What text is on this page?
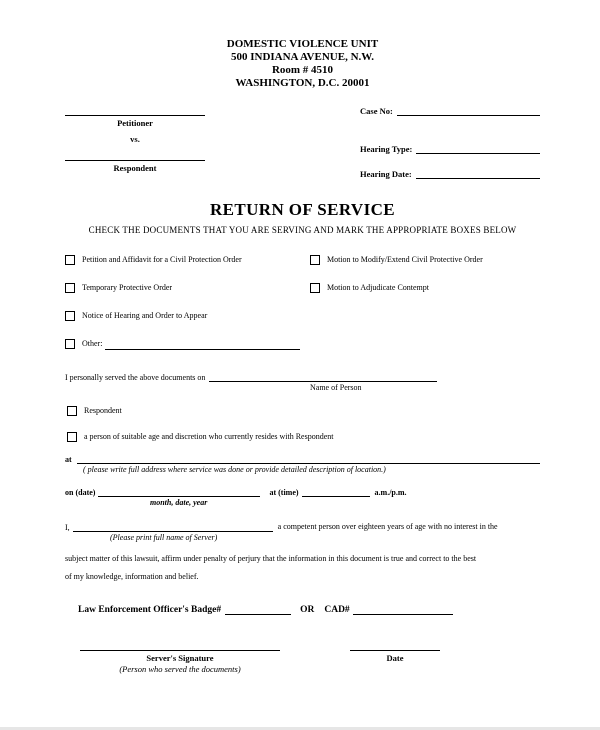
DOMESTIC VIOLENCE UNIT
500 INDIANA AVENUE, N.W.
Room # 4510
WASHINGTON, D.C. 20001
Petitioner
vs.
Respondent
Case No:
Hearing Type:
Hearing Date:
RETURN OF SERVICE
CHECK THE DOCUMENTS THAT YOU ARE SERVING AND MARK THE APPROPRIATE BOXES BELOW
Petition and Affidavit for a Civil Protection Order	Motion to Modify/Extend Civil Protective Order
Temporary Protective Order	Motion to Adjudicate Contempt
Notice of Hearing and Order to Appear
Other:
I personally served the above documents on
Name of Person
Respondent
a person of suitable age and discretion who currently resides with Respondent
at
( please write full address where service was done or provide detailed description of location.)
on (date)	at (time)	a.m./p.m.
month, date, year
I,	a competent person over eighteen years of age with no interest in the
(Please print full name of Server)
subject matter of this lawsuit, affirm under penalty of perjury that the information in this document is true and correct to the best
of my knowledge, information and belief.
Law Enforcement Officer's Badge#	OR CAD#
Server's Signature
(Person who served the documents)
Date
